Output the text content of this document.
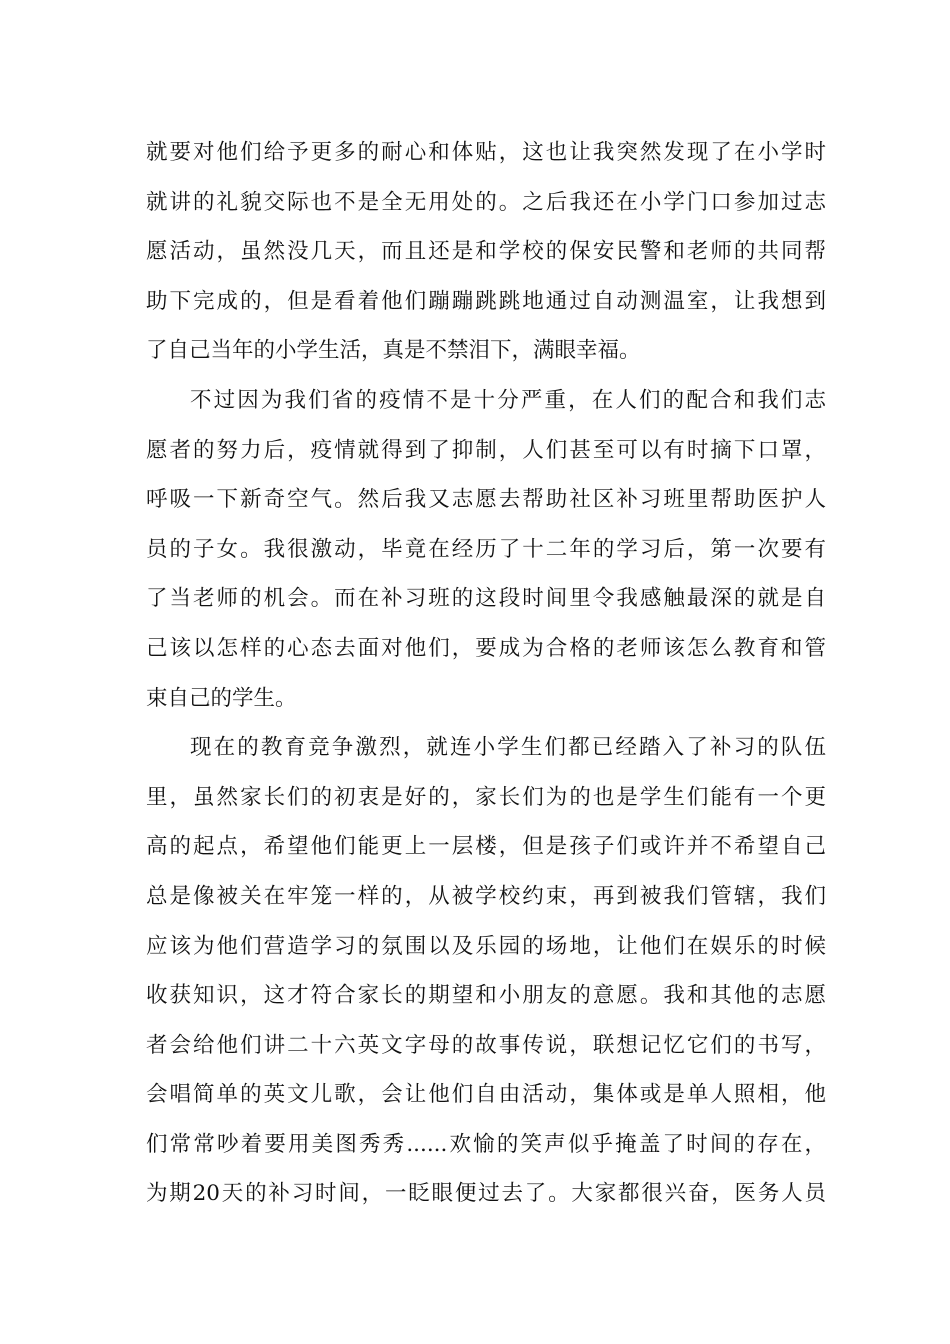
就要对他们给予更多的耐心和体贴，这也让我突然发现了在小学时
就讲的礼貌交际也不是全无用处的。之后我还在小学门口参加过志
愿活动，虽然没几天，而且还是和学校的保安民警和老师的共同帮
助下完成的，但是看着他们蹦蹦跳跳地通过自动测温室，让我想到
了自己当年的小学生活，真是不禁泪下，满眼幸福。
不过因为我们省的疫情不是十分严重，在人们的配合和我们志
愿者的努力后，疫情就得到了抑制，人们甚至可以有时摘下口罩，
呼吸一下新奇空气。然后我又志愿去帮助社区补习班里帮助医护人
员的子女。我很激动，毕竟在经历了十二年的学习后，第一次要有
了当老师的机会。而在补习班的这段时间里令我感触最深的就是自
己该以怎样的心态去面对他们，要成为合格的老师该怎么教育和管
束自己的学生。
现在的教育竞争激烈，就连小学生们都已经踏入了补习的队伍
里，虽然家长们的初衷是好的，家长们为的也是学生们能有一个更
高的起点，希望他们能更上一层楼，但是孩子们或许并不希望自己
总是像被关在牢笼一样的，从被学校约束，再到被我们管辖，我们
应该为他们营造学习的氛围以及乐园的场地，让他们在娱乐的时候
收获知识，这才符合家长的期望和小朋友的意愿。我和其他的志愿
者会给他们讲二十六英文字母的故事传说，联想记忆它们的书写，
会唱简单的英文儿歌，会让他们自由活动，集体或是单人照相，他
们常常吵着要用美图秀秀......欢愉的笑声似乎掩盖了时间的存在，
为期20天的补习时间，一眨眼便过去了。大家都很兴奋，医务人员
